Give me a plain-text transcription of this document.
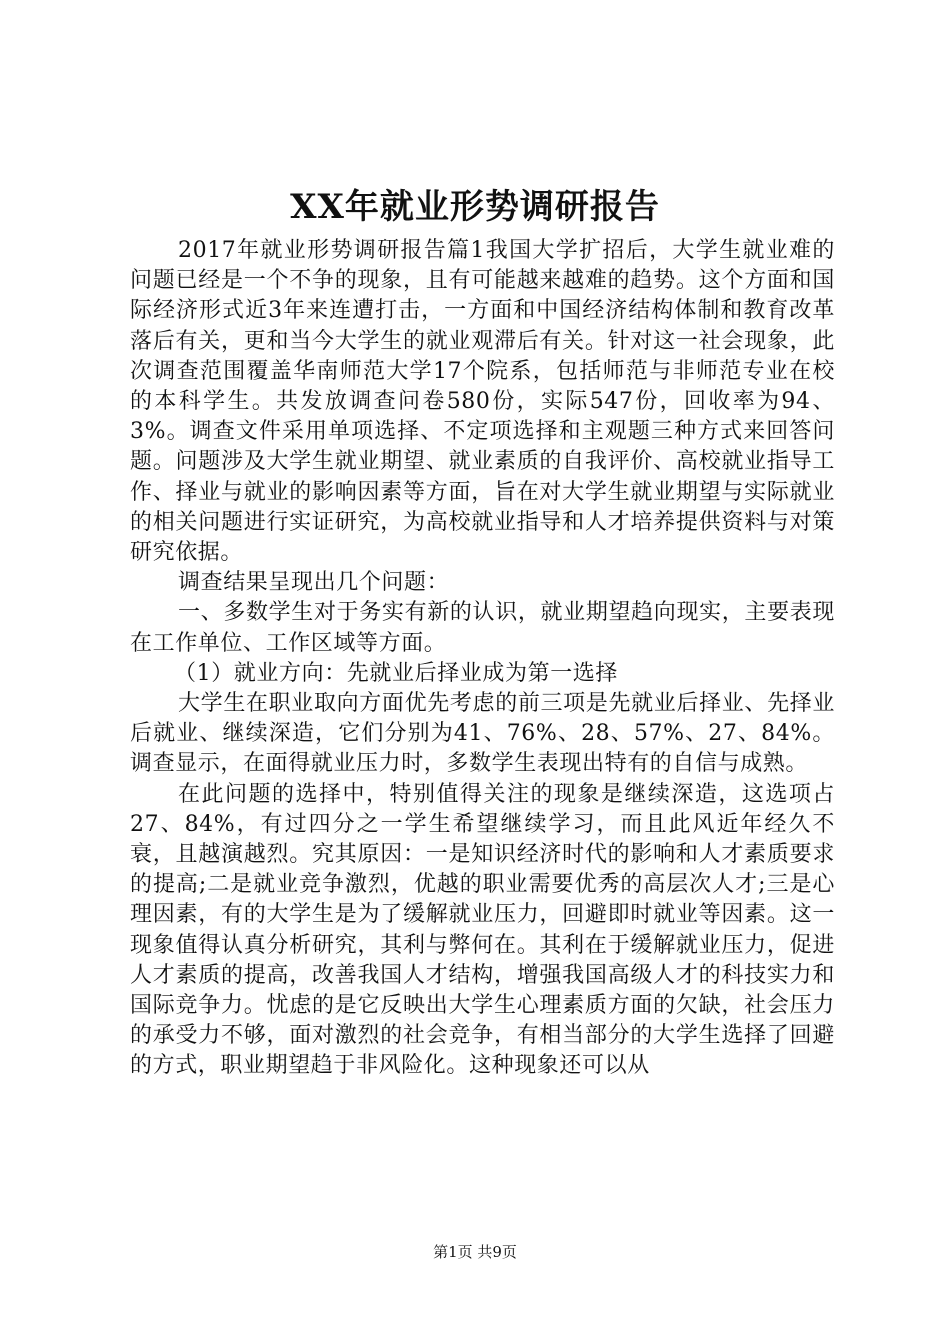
XX年就业形势调研报告

2017年就业形势调研报告篇1我国大学扩招后，大学生就业难的问题已经是一个不争的现象，且有可能越来越难的趋势。这个方面和国际经济形式近3年来连遭打击，一方面和中国经济结构体制和教育改革落后有关，更和当今大学生的就业观滞后有关。针对这一社会现象，此次调查范围覆盖华南师范大学17个院系，包括师范与非师范专业在校的本科学生。共发放调查问卷580份，实际547份，回收率为94、3%。调查文件采用单项选择、不定项选择和主观题三种方式来回答问题。问题涉及大学生就业期望、就业素质的自我评价、高校就业指导工作、择业与就业的影响因素等方面，旨在对大学生就业期望与实际就业的相关问题进行实证研究，为高校就业指导和人才培养提供资料与对策研究依据。

调查结果呈现出几个问题：

一、多数学生对于务实有新的认识，就业期望趋向现实，主要表现在工作单位、工作区域等方面。

（1）就业方向：先就业后择业成为第一选择

大学生在职业取向方面优先考虑的前三项是先就业后择业、先择业后就业、继续深造，它们分别为41、76%、28、57%、27、84%。调查显示，在面得就业压力时，多数学生表现出特有的自信与成熟。

在此问题的选择中，特别值得关注的现象是继续深造，这选项占27、84%，有过四分之一学生希望继续学习，而且此风近年经久不衰，且越演越烈。究其原因：一是知识经济时代的影响和人才素质要求的提高;二是就业竞争激烈，优越的职业需要优秀的高层次人才;三是心理因素，有的大学生是为了缓解就业压力，回避即时就业等因素。这一现象值得认真分析研究，其利与弊何在。其利在于缓解就业压力，促进人才素质的提高，改善我国人才结构，增强我国高级人才的科技实力和国际竞争力。忧虑的是它反映出大学生心理素质方面的欠缺，社会压力的承受力不够，面对激烈的社会竞争，有相当部分的大学生选择了回避的方式，职业期望趋于非风险化。这种现象还可以从

第1页 共9页
